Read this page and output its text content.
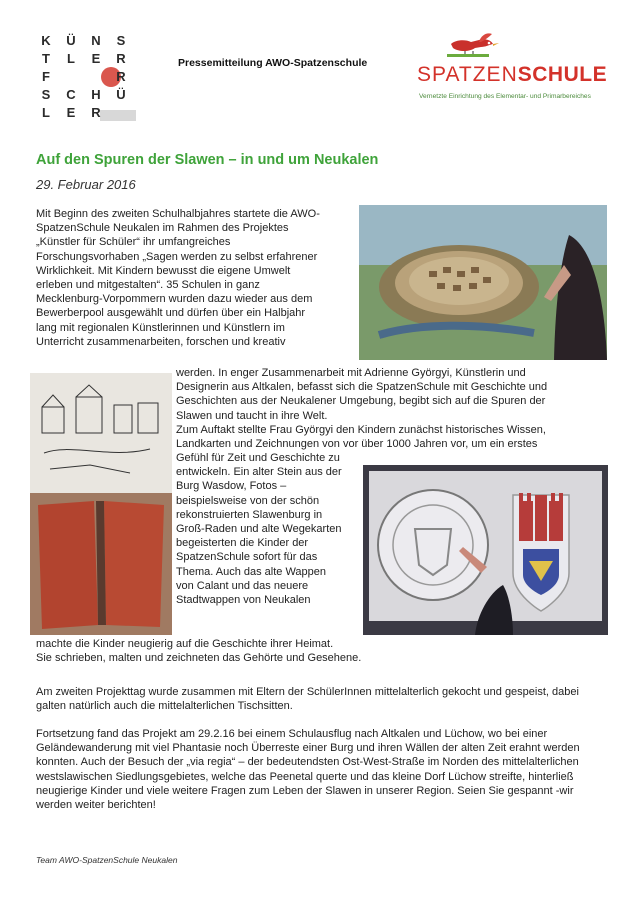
K Ü N S
T	L	E R
F	Ü R
S C H Ü
L	E R
Pressemitteilung AWO-Spatzenschule SPATZENSCHULE
Vernetzte Einrichtung des Elementar- und Primarbereiches
Auf den Spuren der Slawen – in und um Neukalen
29. Februar 2016
Mit Beginn des zweiten Schulhalbjahres startete die AWO-
SpatzenSchule Neukalen im Rahmen des Projektes
„Künstler für Schüler“ ihr umfangreiches
Forschungsvorhaben „Sagen werden zu selbst erfahrener
Wirklichkeit. Mit Kindern bewusst die eigene Umwelt
erleben und mitgestalten“. 35 Schulen in ganz
Mecklenburg-Vorpommern wurden dazu wieder aus dem
Bewerberpool ausgewählt und dürfen über ein Halbjahr
lang mit regionalen Künstlerinnen und Künstlern im
Unterricht zusammenarbeiten, forschen und kreativ
werden. In enger Zusammenarbeit mit Adrienne Györgyi, Künstlerin und
Designerin aus Altkalen, befasst sich die SpatzenSchule mit Geschichte und
Geschichten aus der Neukalener Umgebung, begibt sich auf die Spuren der
Slawen und taucht in ihre Welt.
Zum Auftakt stellte Frau Györgyi den Kindern zunächst historisches Wissen,
Landkarten und Zeichnungen von vor über 1000 Jahren vor, um ein erstes
Gefühl für Zeit und Geschichte zu
entwickeln. Ein alter Stein aus der
Burg Wasdow, Fotos –
beispielsweise von der schön
rekonstruierten Slawenburg in
Groß-Raden und alte Wegekarten
begeisterten die Kinder der
SpatzenSchule sofort für das
Thema. Auch das alte Wappen
von Calant und das neuere
Stadtwappen von Neukalen
machte die Kinder neugierig auf die Geschichte ihrer Heimat.
Sie schrieben, malten und zeichneten das Gehörte und Gesehene.
Am zweiten Projekttag wurde zusammen mit Eltern der SchülerInnen mittelalterlich gekocht und gespeist, dabei galten natürlich auch die mittelalterlichen Tischsitten.
Fortsetzung fand das Projekt am 29.2.16 bei einem Schulausflug nach Altkalen und Lüchow, wo bei einer Geländewanderung mit viel Phantasie noch Überreste einer Burg und ihren Wällen der alten Zeit erahnt werden konnten. Auch der Besuch der „via regia“ – der bedeutendsten Ost-West-Straße im Norden des mittelalterlichen westslawischen Siedlungsgebietes, welche das Peenetal querte und das kleine Dorf Lüchow streifte, hinterließ neugierige Kinder und viele weitere Fragen zum Leben der Slawen in unserer Region. Seien Sie gespannt -wir werden weiter berichten!
Team AWO-SpatzenSchule Neukalen
